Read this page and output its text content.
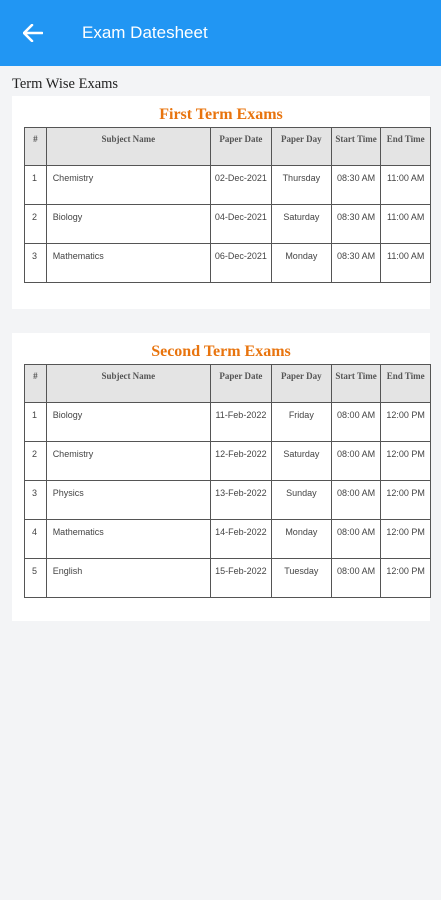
Exam Datesheet
Term Wise Exams
First Term Exams
#	Subject Name	Paper Date	Paper Day	Start Time	End Time
1	Chemistry	02-Dec-2021	Thursday	08:30 AM	11:00 AM
2	Biology	04-Dec-2021	Saturday	08:30 AM	11:00 AM
3	Mathematics	06-Dec-2021	Monday	08:30 AM	11:00 AM
Second Term Exams
#	Subject Name	Paper Date	Paper Day	Start Time	End Time
1	Biology	11-Feb-2022	Friday	08:00 AM	12:00 PM
2	Chemistry	12-Feb-2022	Saturday	08:00 AM	12:00 PM
3	Physics	13-Feb-2022	Sunday	08:00 AM	12:00 PM
4	Mathematics	14-Feb-2022	Monday	08:00 AM	12:00 PM
5	English	15-Feb-2022	Tuesday	08:00 AM	12:00 PM
